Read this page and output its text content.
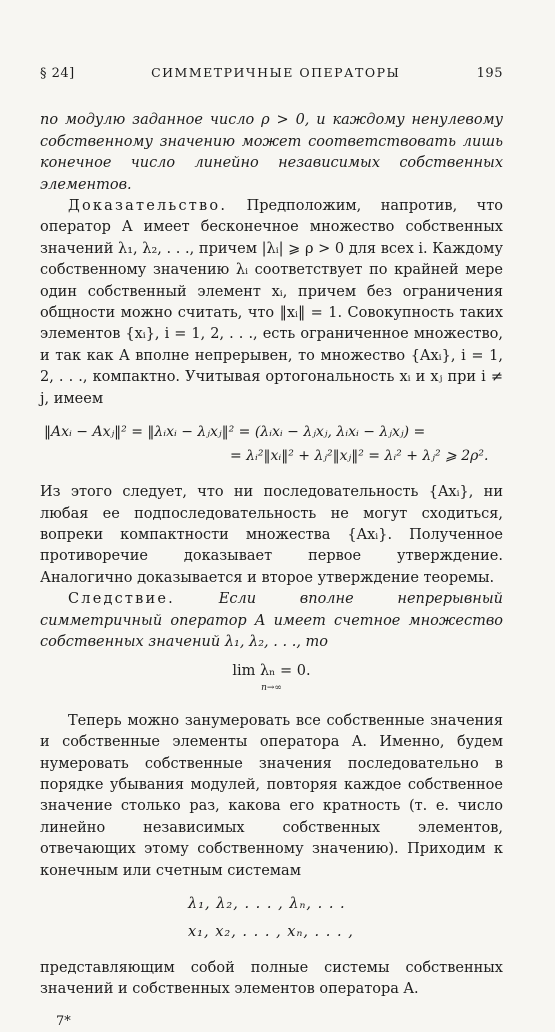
§ 24]	СИММЕТРИЧНЫЕ ОПЕРАТОРЫ	195

по модулю заданное число ρ > 0, и каждому ненулевому собственному значению может соответствовать лишь конечное число линейно независимых собственных элементов.

Доказательство. Предположим, напротив, что оператор A имеет бесконечное множество собственных значений λ₁, λ₂, . . ., причем |λᵢ| ⩾ ρ > 0 для всех i. Каждому собственному значению λᵢ соответствует по крайней мере один собственный элемент xᵢ, причем без ограничения общности можно считать, что ‖xᵢ‖ = 1. Совокупность таких элементов {xᵢ}, i = 1, 2, . . ., есть ограниченное множество, и так как A вполне непрерывен, то множество {Axᵢ}, i = 1, 2, . . ., компактно. Учитывая ортогональность xᵢ и xⱼ при i ≠ j, имеем

‖Axᵢ − Axⱼ‖² = ‖λᵢxᵢ − λⱼxⱼ‖² = (λᵢxᵢ − λⱼxⱼ, λᵢxᵢ − λⱼxⱼ) =
= λᵢ²‖xᵢ‖² + λⱼ²‖xⱼ‖² = λᵢ² + λⱼ² ⩾ 2ρ².

Из этого следует, что ни последовательность {Axᵢ}, ни любая ее подпоследовательность не могут сходиться, вопреки компактности множества {Axᵢ}. Полученное противоречие доказывает первое утверждение. Аналогично доказывается и второе утверждение теоремы.

Следствие.	Если вполне непрерывный симметричный оператор A имеет счетное множество собственных значений λ₁, λ₂, . . ., то

lim λₙ = 0.
n→∞

Теперь можно занумеровать все собственные значения и собственные элементы оператора A. Именно, будем нумеровать собственные значения последовательно в порядке убывания модулей, повторяя каждое собственное значение столько раз, какова его кратность (т. е. число линейно независимых собственных элементов, отвечающих этому собственному значению). Приходим к конечным или счетным системам

λ₁, λ₂, . . . , λₙ, . . .
x₁, x₂, . . . , xₙ, . . . ,

представляющим собой полные системы собственных значений и собственных элементов оператора A.

7*
